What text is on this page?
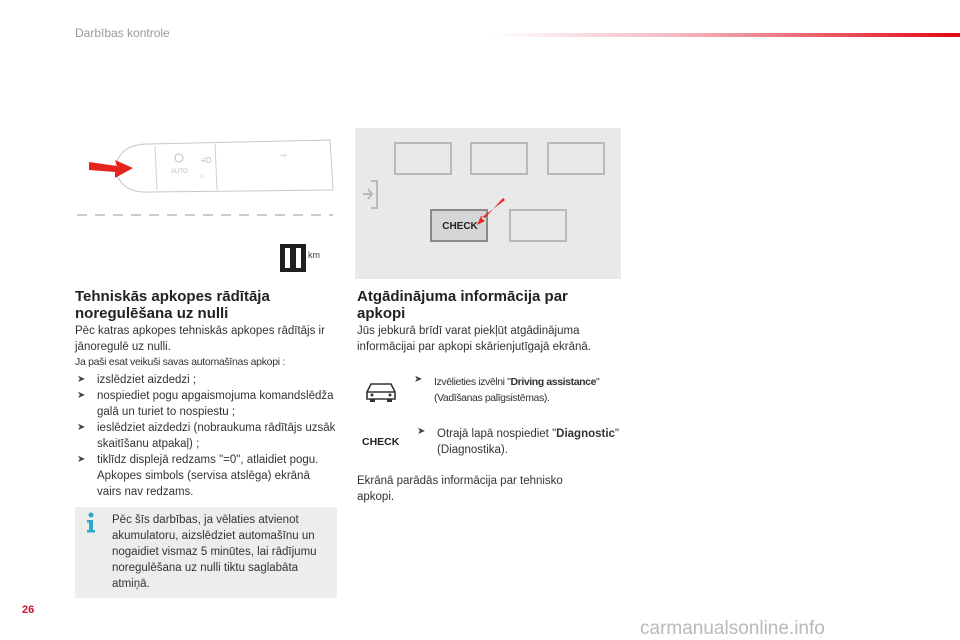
Darbības kontrole
AUTO
≡D
☼
⊸
km
CHECK
Tehniskās apkopes rādītāja noregulēšana uz nulli

Pēc katras apkopes tehniskās apkopes rādītājs ir jānoregulē uz nulli.

Ja paši esat veikuši savas automašīnas apkopi :

➤ izslēdziet aizdedzi ;
➤ nospiediet pogu apgaismojuma komandslēdža galā un turiet to nospiestu ;
➤ ieslēdziet aizdedzi (nobraukuma rādītājs uzsāk skaitīšanu atpakaļ) ;
➤ tiklīdz displejā redzams "=0", atlaidiet pogu. Apkopes simbols (servisa atslēga) ekrānā vairs nav redzams.
Pēc šīs darbības, ja vēlaties atvienot akumulatoru, aizslēdziet automašīnu un nogaidiet vismaz 5 minūtes, lai rādījumu noregulēšana uz nulli tiktu saglabāta atmiņā.
Atgādinājuma informācija par apkopi

Jūs jebkurā brīdī varat piekļūt atgādinājuma informācijai par apkopi skārienjutīgajā ekrānā.

➤ Izvēlieties izvēlni "Driving assistance" (Vadīšanas palīgsistēmas).

CHECK
➤ Otrajā lapā nospiediet "Diagnostic" (Diagnostika).

Ekrānā parādās informācija par tehnisko apkopi.

26
carmanualsonline.info
